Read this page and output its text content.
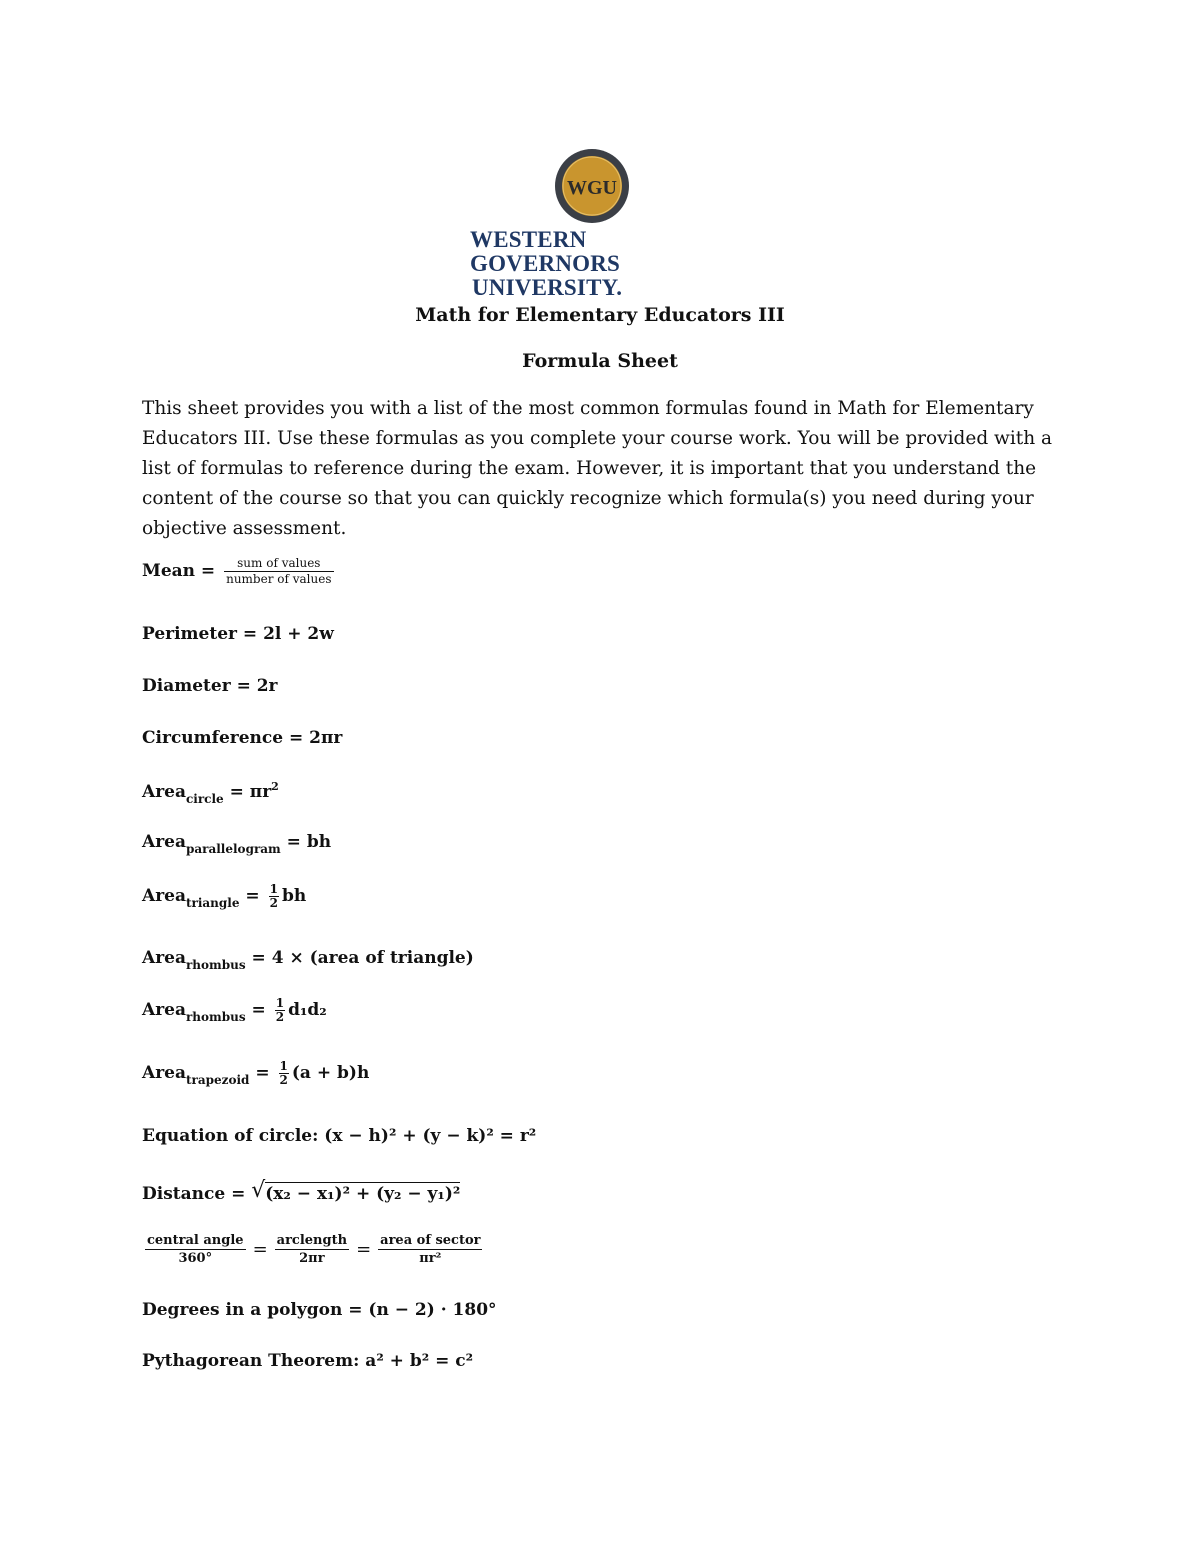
WGU
WESTERN GOVERNORS
UNIVERSITY.
Math for Elementary Educators III
Formula Sheet
This sheet provides you with a list of the most common formulas found in Math for Elementary Educators III. Use these formulas as you complete your course work. You will be provided with a list of formulas to reference during the exam. However, it is important that you understand the content of the course so that you can quickly recognize which formula(s) you need during your objective assessment.
Mean = $\frac{\text{sum of values}}{\text{number of values}}$
Perimeter = 2l + 2w
Diameter = 2r
Circumference = 2πr
Area$_{circle}$ = $\pi r^2$
Area$_{parallelogram}$ = bh
Area$_{triangle}$ = $\frac{1}{2}$ bh
Area$_{rhombus}$ = 4 × (area of triangle)
Area$_{rhombus}$ = $\frac{1}{2} d_1d_2$
Area$_{trapezoid}$ = $\frac{1}{2} (a + b)h$
Equation of circle: (x − h)² + (y − k)² = r²
Distance = √ (x₂ − x₁)² + (y₂ − y₁)²
$\frac{\text{central angle}}{360^\circ} = \frac{\text{arclength}}{2\pi r} = \frac{\text{area of sector}}{\text{πr²}}$
Degrees in a polygon = (n − 2) · 180°
Pythagorean Theorem: a² + b² = c²
